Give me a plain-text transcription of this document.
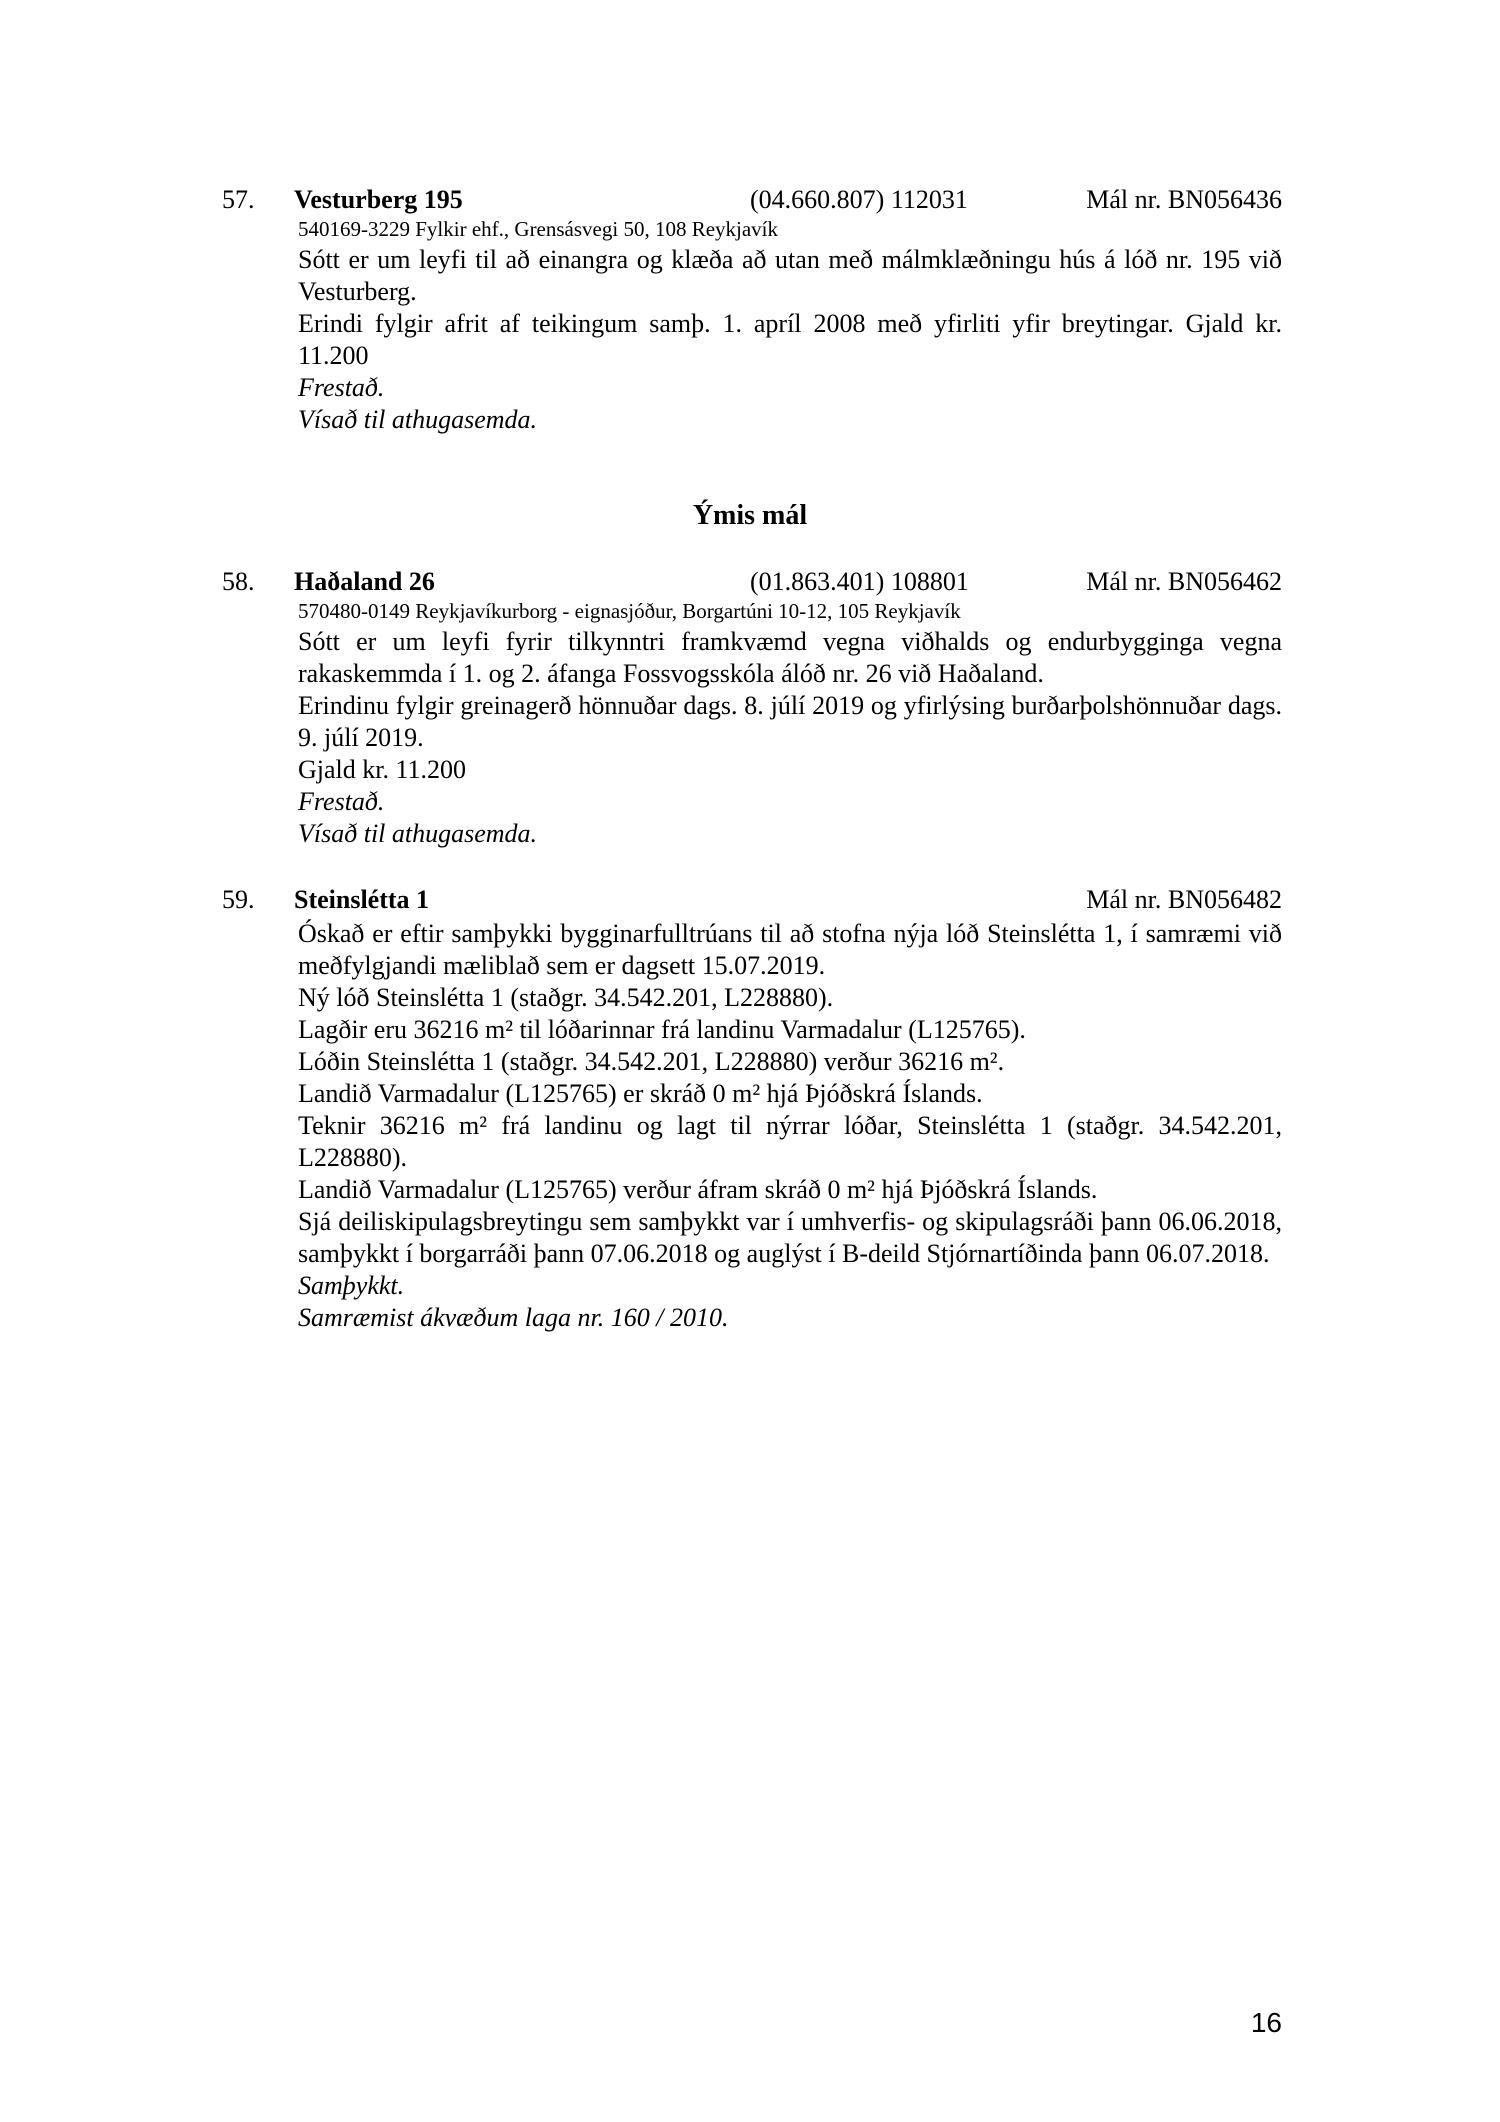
57. Vesturberg 195	(04.660.807) 112031	Mál nr. BN056436
540169-3229 Fylkir ehf., Grensásvegi 50, 108 Reykjavík

Sótt er um leyfi til að einangra og klæða að utan með málmklæðningu hús á lóð nr. 195 við Vesturberg.

Erindi fylgir afrit af teikingum samþ. 1. apríl 2008 með yfirliti yfir breytingar. Gjald kr. 11.200

Frestað.

Vísað til athugasemda.

Ýmis mál
58. Haðaland 26	(01.863.401) 108801	Mál nr. BN056462
570480-0149 Reykjavíkurborg - eignasjóður, Borgartúni 10-12, 105 Reykjavík

Sótt er um leyfi fyrir tilkynntri framkvæmd vegna viðhalds og endurbygginga vegna rakaskemmda í 1. og 2. áfanga Fossvogsskóla álóð nr. 26 við Haðaland.

Erindinu fylgir greinagerð hönnuðar dags. 8. júlí 2019 og yfirlýsing burðarþolshönnuðar dags. 9. júlí 2019.

Gjald kr. 11.200

Frestað.

Vísað til athugasemda.

59. Steinslétta 1	Mál nr. BN056482

Óskað er eftir samþykki bygginarfulltrúans til að stofna nýja lóð Steinslétta 1, í samræmi við meðfylgjandi mæliblað sem er dagsett 15.07.2019.

Ný lóð Steinslétta 1 (staðgr. 34.542.201, L228880).

Lagðir eru 36216 m² til lóðarinnar frá landinu Varmadalur (L125765).

Lóðin Steinslétta 1 (staðgr. 34.542.201, L228880) verður 36216 m².

Landið Varmadalur (L125765) er skráð 0 m² hjá Þjóðskrá Íslands.

Teknir 36216 m² frá landinu og lagt til nýrrar lóðar, Steinslétta 1 (staðgr. 34.542.201, L228880).

Landið Varmadalur (L125765) verður áfram skráð 0 m² hjá Þjóðskrá Íslands.

Sjá deiliskipulagsbreytingu sem samþykkt var í umhverfis- og skipulagsráði þann 06.06.2018, samþykkt í borgarráði þann 07.06.2018 og auglýst í B-deild Stjórnartíðinda þann 06.07.2018.

Samþykkt.

Samræmist ákvæðum laga nr. 160 / 2010.

16
